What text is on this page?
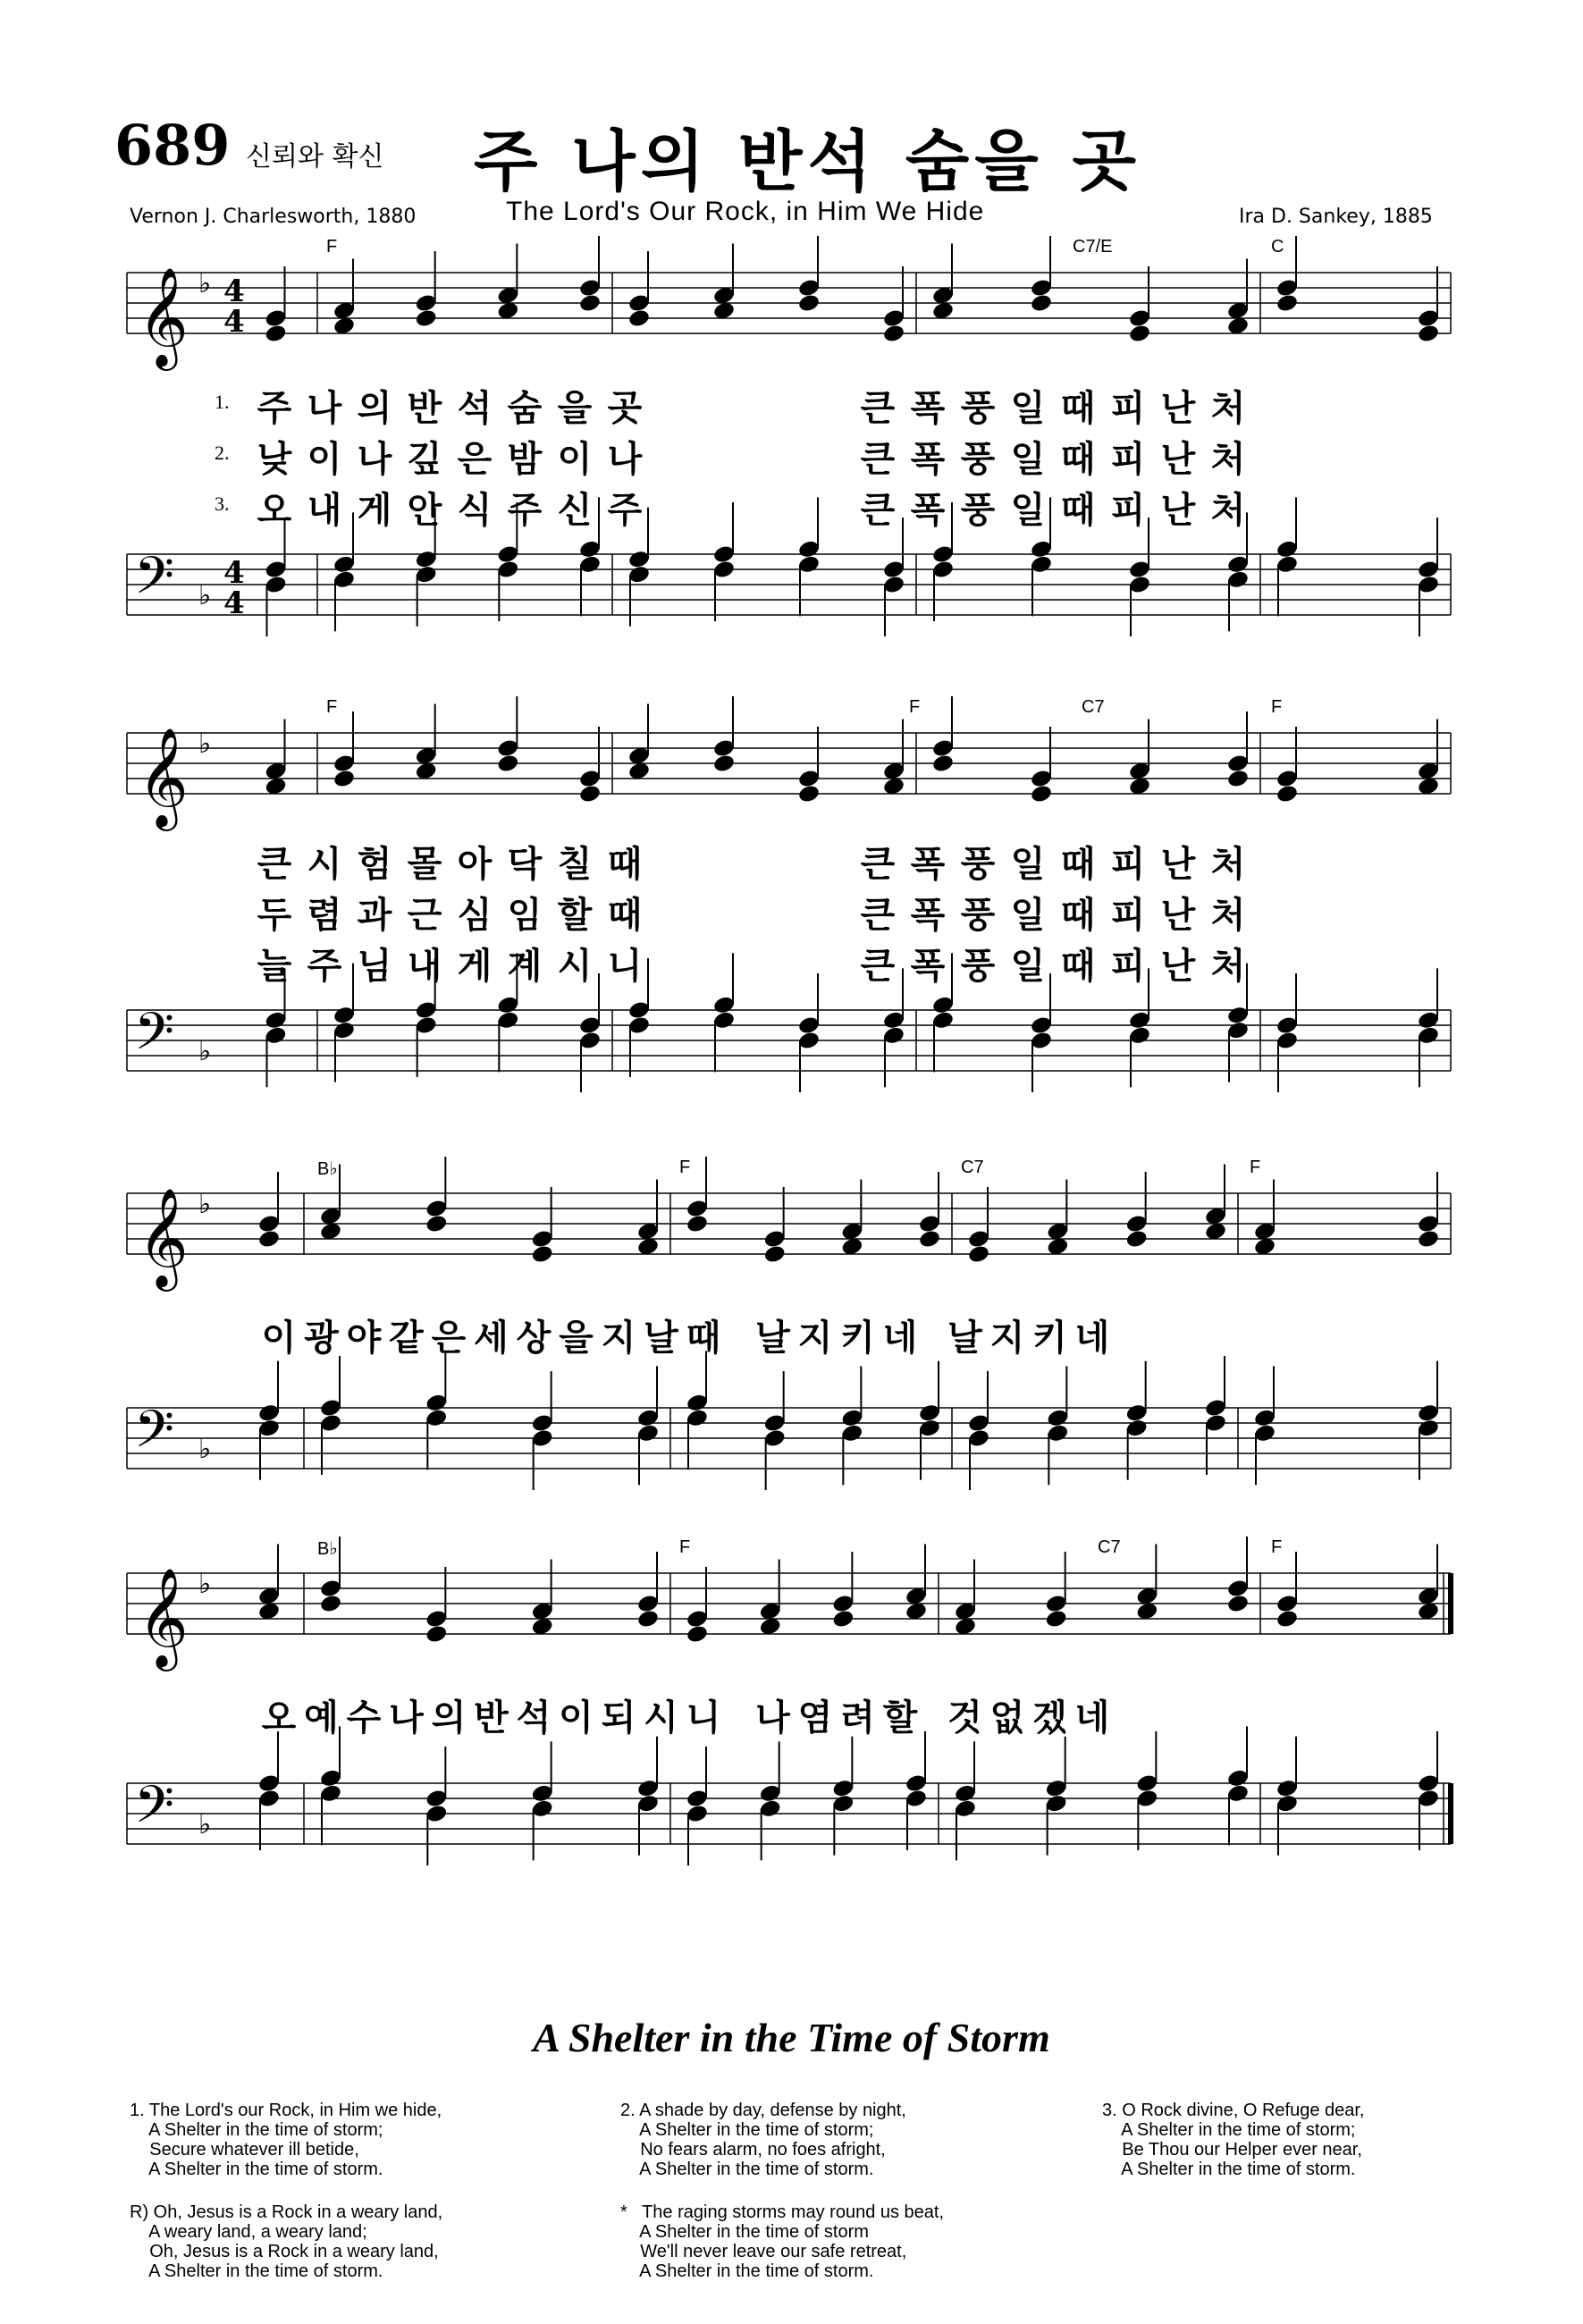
689 신뢰와 확신 주 나의 반석 숨을 곳
Vernon J. Charlesworth, 1880	The Lord's Our Rock, in Him We Hide	Ira D. Sankey, 1885
𝄞 ♭ 4
4
𝄞 ♭
𝄞 ♭
𝄞 ♭
𝄢 ♭
4
4
𝄢 ♭
𝄢 ♭
𝄢 ♭
F	C7/E	C
F	F	C7	F
B♭	F	C7	F
B♭	F	C7	F
주 나 의 반 석 숨 을 곳	큰 폭 풍 일 때 피 난 처
낮 이 나 깊 은 밤 이 나	큰 폭 풍 일 때 피 난 처
오 내 게 안 식 주 신 주	큰 폭 풍 일 때 피 난 처
1.
2.
3.
큰 시 험 몰 아 닥 칠 때	큰 폭 풍 일 때 피 난 처
두 렴 과 근 심 임 할 때	큰 폭 풍 일 때 피 난 처
늘 주 님 내 게 계 시 니	큰 폭 풍 일 때 피 난 처
이 광 야 같 은 세 상 을 지 날 때 날 지 키 네 날 지 키 네
오 예 수 나 의 반 석 이 되 시 니 나 염 려 할 것 없 겠 네
A Shelter in the Time of Storm

1. The Lord's our Rock, in Him we hide,

A Shelter in the time of storm;

Secure whatever ill betide,

A Shelter in the time of storm.

R) Oh, Jesus is a Rock in a weary land,

A weary land, a weary land;

Oh, Jesus is a Rock in a weary land,

A Shelter in the time of storm.

2. A shade by day, defense by night,

A Shelter in the time of storm;

No fears alarm, no foes afright,

A Shelter in the time of storm.

*   The raging storms may round us beat,

A Shelter in the time of storm

We'll never leave our safe retreat,

A Shelter in the time of storm.

3. O Rock divine, O Refuge dear,

A Shelter in the time of storm;

Be Thou our Helper ever near,

A Shelter in the time of storm.
